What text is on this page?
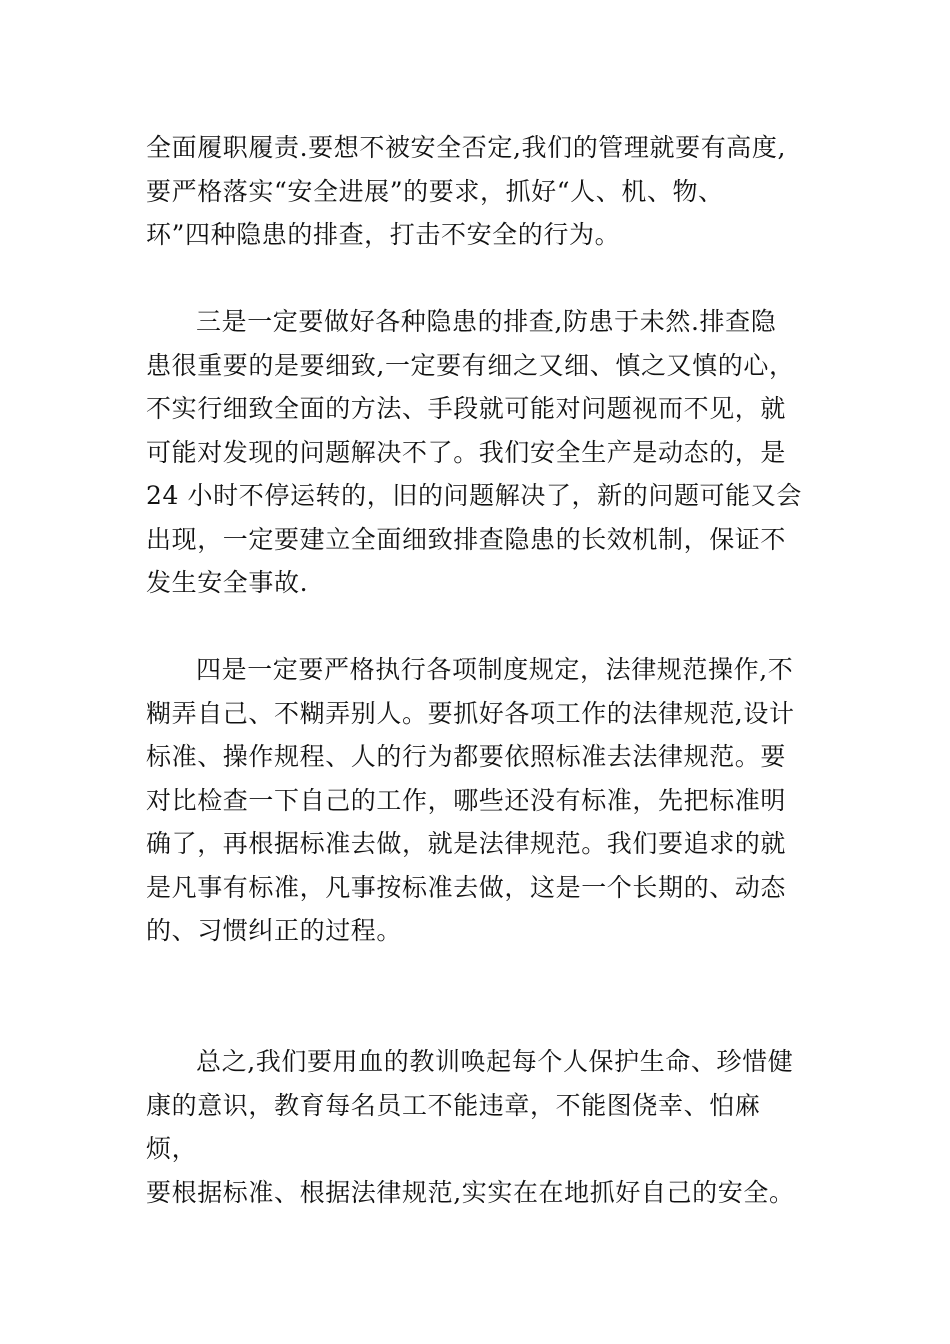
全面履职履责.要想不被安全否定,我们的管理就要有高度,
要严格落实“安全进展”的要求，抓好“人、机、物、
环”四种隐患的排查，打击不安全的行为。

三是一定要做好各种隐患的排查,防患于未然.排查隐
患很重要的是要细致,一定要有细之又细、慎之又慎的心，
不实行细致全面的方法、手段就可能对问题视而不见，就
可能对发现的问题解决不了。我们安全生产是动态的，是
24 小时不停运转的，旧的问题解决了，新的问题可能又会
出现，一定要建立全面细致排查隐患的长效机制，保证不
发生安全事故.

四是一定要严格执行各项制度规定，法律规范操作,不
糊弄自己、不糊弄别人。要抓好各项工作的法律规范,设计
标准、操作规程、人的行为都要依照标准去法律规范。要
对比检查一下自己的工作，哪些还没有标准，先把标准明
确了，再根据标准去做，就是法律规范。我们要追求的就
是凡事有标准，凡事按标准去做，这是一个长期的、动态
的、习惯纠正的过程。

总之,我们要用血的教训唤起每个人保护生命、珍惜健
康的意识，教育每名员工不能违章，不能图侥幸、怕麻烦，
要根据标准、根据法律规范,实实在在地抓好自己的安全。
